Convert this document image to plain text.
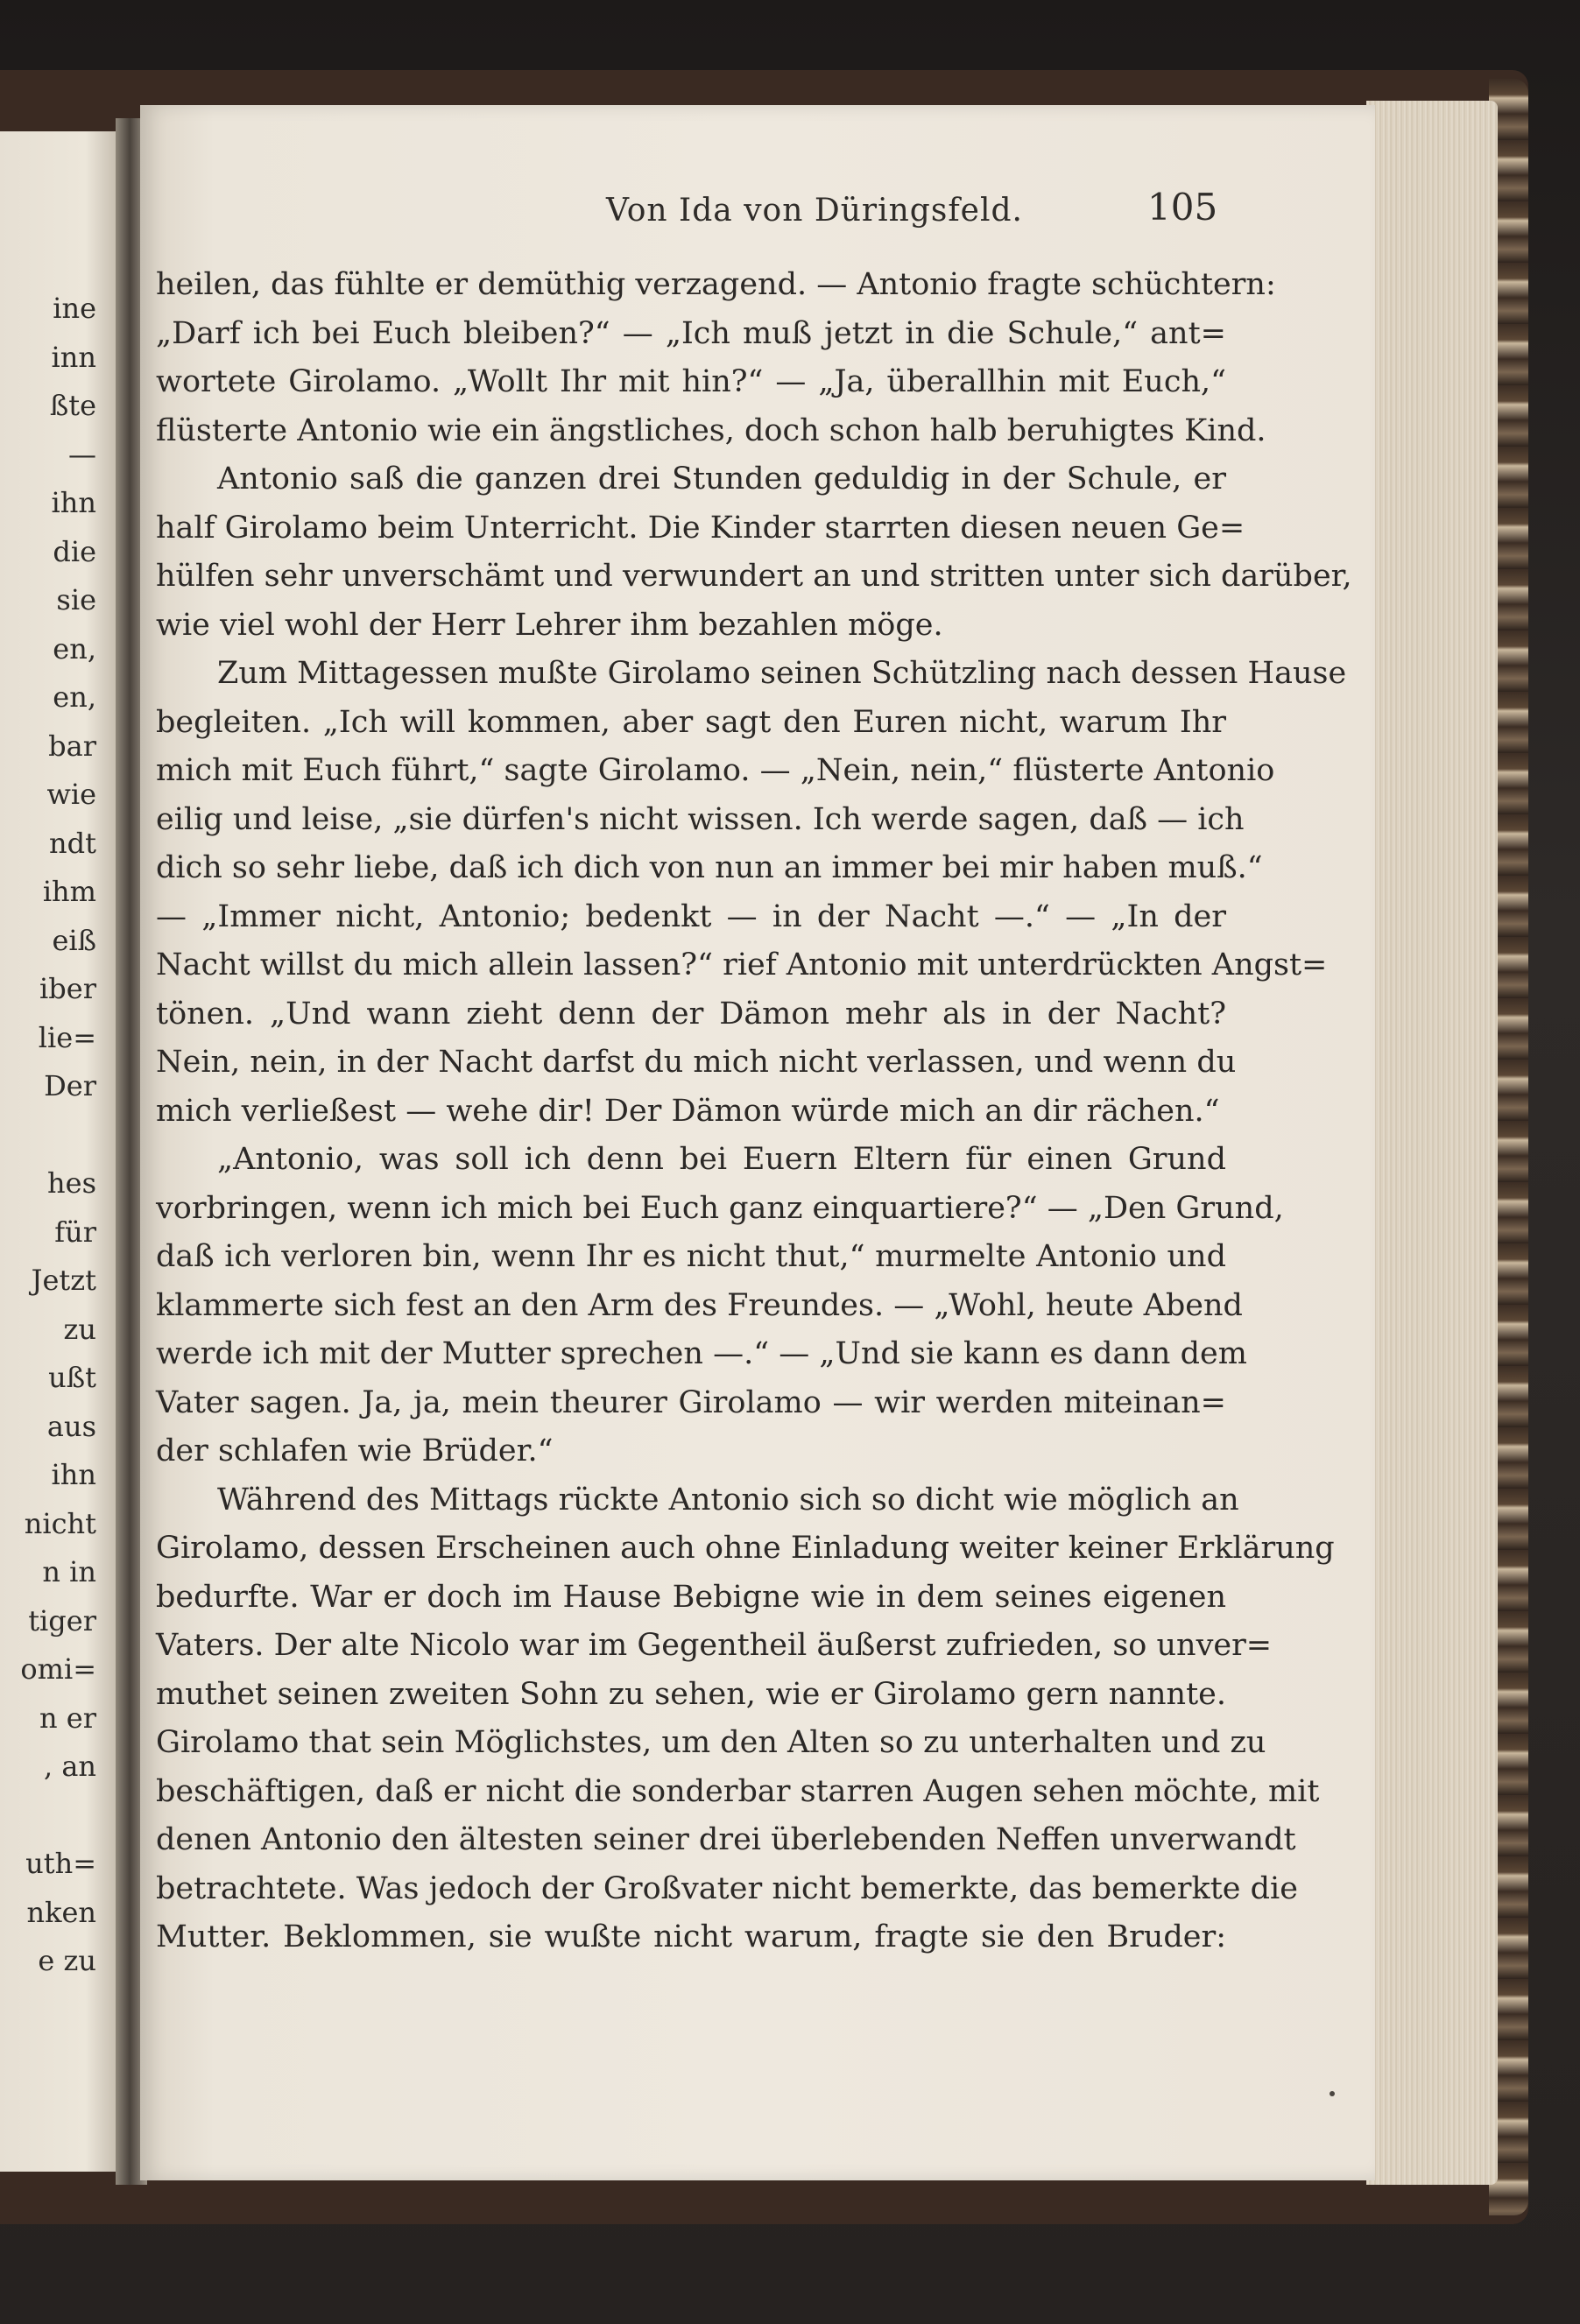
ine
inn
ßte
—
ihn
die
sie
en,
en,
bar
wie
ndt
ihm
eiß
iber
lie=
Der
hes
für
Jetzt
zu
ußt
aus
ihn
nicht
n in
tiger
omi=
n er
, an
uth=
nken
e zu
Von Ida von Düringsfeld.	105
heilen, das fühlte er demüthig verzagend. — Antonio fragte schüchtern:
„Darf ich bei Euch bleiben?“ — „Ich muß jetzt in die Schule,“ ant=
wortete Girolamo. „Wollt Ihr mit hin?“ — „Ja, überallhin mit Euch,“
flüsterte Antonio wie ein ängstliches, doch schon halb beruhigtes Kind.
Antonio saß die ganzen drei Stunden geduldig in der Schule, er
half Girolamo beim Unterricht. Die Kinder starrten diesen neuen Ge=
hülfen sehr unverschämt und verwundert an und stritten unter sich darüber,
wie viel wohl der Herr Lehrer ihm bezahlen möge.
Zum Mittagessen mußte Girolamo seinen Schützling nach dessen Hause
begleiten. „Ich will kommen, aber sagt den Euren nicht, warum Ihr
mich mit Euch führt,“ sagte Girolamo. — „Nein, nein,“ flüsterte Antonio
eilig und leise, „sie dürfen's nicht wissen. Ich werde sagen, daß — ich
dich so sehr liebe, daß ich dich von nun an immer bei mir haben muß.“
— „Immer nicht, Antonio; bedenkt — in der Nacht —.“ — „In der
Nacht willst du mich allein lassen?“ rief Antonio mit unterdrückten Angst=
tönen. „Und wann zieht denn der Dämon mehr als in der Nacht?
Nein, nein, in der Nacht darfst du mich nicht verlassen, und wenn du
mich verließest — wehe dir! Der Dämon würde mich an dir rächen.“
„Antonio, was soll ich denn bei Euern Eltern für einen Grund
vorbringen, wenn ich mich bei Euch ganz einquartiere?“ — „Den Grund,
daß ich verloren bin, wenn Ihr es nicht thut,“ murmelte Antonio und
klammerte sich fest an den Arm des Freundes. — „Wohl, heute Abend
werde ich mit der Mutter sprechen —.“ — „Und sie kann es dann dem
Vater sagen. Ja, ja, mein theurer Girolamo — wir werden miteinan=
der schlafen wie Brüder.“
Während des Mittags rückte Antonio sich so dicht wie möglich an
Girolamo, dessen Erscheinen auch ohne Einladung weiter keiner Erklärung
bedurfte. War er doch im Hause Bebigne wie in dem seines eigenen
Vaters. Der alte Nicolo war im Gegentheil äußerst zufrieden, so unver=
muthet seinen zweiten Sohn zu sehen, wie er Girolamo gern nannte.
Girolamo that sein Möglichstes, um den Alten so zu unterhalten und zu
beschäftigen, daß er nicht die sonderbar starren Augen sehen möchte, mit
denen Antonio den ältesten seiner drei überlebenden Neffen unverwandt
betrachtete. Was jedoch der Großvater nicht bemerkte, das bemerkte die
Mutter. Beklommen, sie wußte nicht warum, fragte sie den Bruder:
